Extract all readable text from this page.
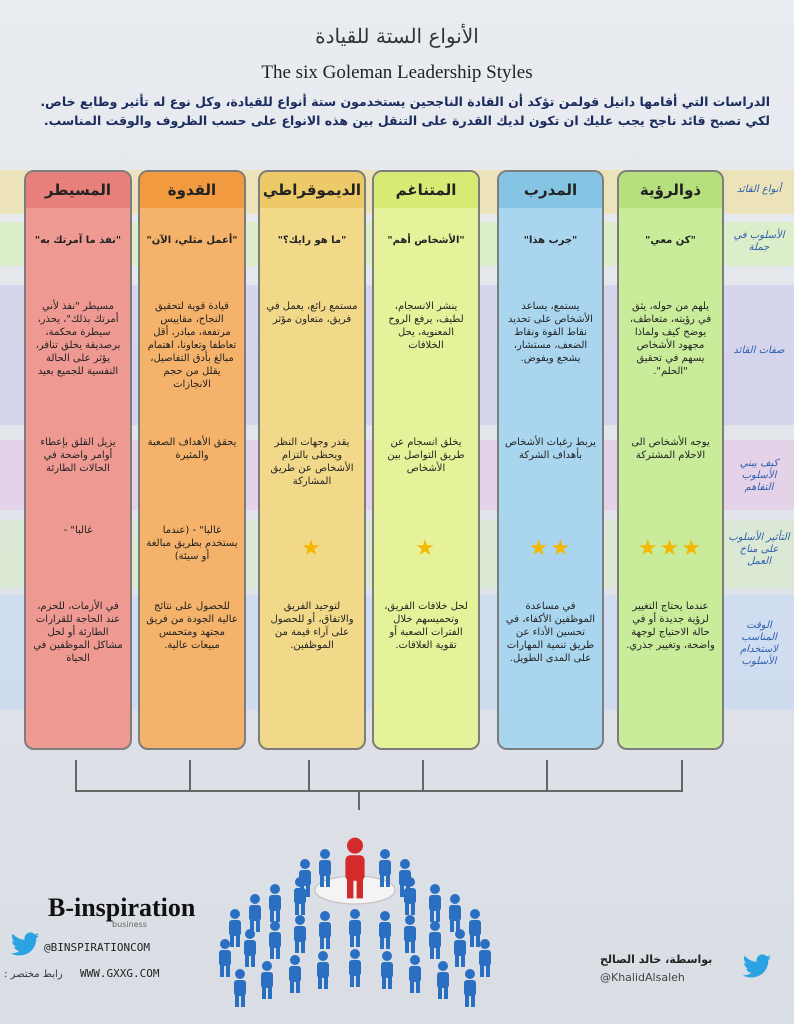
الأنواع الستة للقيادة
The six Goleman Leadership Styles
الدراسات التي أقامها دانيل قولمن تؤكد أن القادة الناجحين يستخدمون ستة أنواع للقيادة، وكل نوع له تأثير وطابع خاص.
لكي تصبح قائد ناجح يجب عليك ان تكون لديك القدرة على التنقل بين هذه الانواع على حسب الظروف والوقت المناسب.
أنواع القائد
الأسلوب في جملة
صفات القائد
كيف يبني الأسلوب التفاهم
التأثير الأسلوب على مناخ العمل
الوقت المناسب لاستخدام الأسلوب
ذوالرؤية
"كن معي"
يلهم من حوله، يثق في رؤيته، متعاطف، يوضح كيف ولماذا مجهود الأشخاص يسهم في تحقيق "الحلم".
يوجه الأشخاص الى الاحلام المشتركة
★★★
عندما يحتاج التغيير لرؤية جديدة أو في حالة الاحتياج لوجهة واضحة، وتغيير جذري.
المدرب
"جرب هذا"
يستمع، يساعد الأشخاص على تحديد نقاط القوة ونقاط الضعف، مستشار، يشجع ويفوض.
يربط رغبات الأشخاص بأهداف الشركة
★★
في مساعدة الموظفين الأكفاء، في تحسين الأداء عن طريق تنمية المهارات على المدى الطويل.
المتناغم
"الأشخاص أهم"
ينشر الانسجام، لطيف، يرفع الروح المعنوية، يحل الخلافات
يخلق انسجام عن طريق التواصل بين الأشخاص
★
لحل خلافات الفريق، وتحميسهم خلال الفترات الصعبة أو تقوية العلاقات.
الديموقراطي
"ما هو رايك؟"
مستمع رائع، يعمل في فريق، متعاون مؤثر
يقدر وجهات النظر ويحظى بالتزام الأشخاص عن طريق المشاركة
★
لتوحيد الفريق والاتفاق، أو للحصول على آراء قيمة من الموظفين.
القدوة
"أعمل مثلي، الآن"
قيادة قوية لتحقيق النجاح، مقاييس مرتفعة، مبادر، أقل تعاطفا وتعاونا، اهتمام مبالغ بأدق التفاصيل، يقلل من حجم الانجازات
يحقق الأهداف الصعبة والمثيرة
غالبا" - (عندما يستخدم بطريق مبالغة أو سيئة)
للحصول على نتائج عالية الجودة من فريق مجتهد ومتحمس مبيعات عالية.
المسيطر
"نفذ ما آمرتك به"
مسيطر "نفذ لأني أمرتك بذلك"، يحذر، سيطرة محكمة، برصديقة يخلق تنافر، يؤثر على الحالة النفسية للجميع بعيد
يزيل القلق بإعطاء أوامر واضحة في الحالات الطارئة
غالبا" -
في الأزمات، للحزم، عند الحاجة للقرارات الطارئة أو لحل مشاكل الموظفين في الحياة
B-inspiration
business
@BINSPIRATIONCOM
WWW.GXXG.COM
رابط مختصر :
بواسطة، خالد الصالح
@KhalidAlsaleh
